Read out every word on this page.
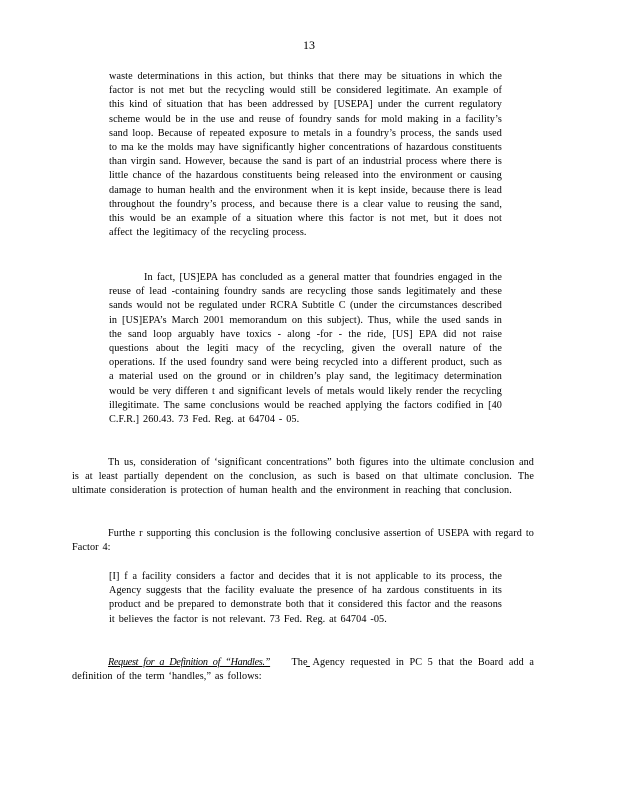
13
waste determinations in this action, but thinks that there may be situations in which the factor is not met but the recycling would still be considered legitimate. An example of this kind of situation that has been addressed by [USEPA] under the current regulatory scheme would be in the use and reuse of foundry sands for mold making in a facility’s sand loop. Because of repeated exposure to metals in a foundry’s process, the sands used to ma ke the molds may have significantly higher concentrations of hazardous constituents than virgin sand. However, because the sand is part of an industrial process where there is little chance of the hazardous constituents being released into the environment or causing damage to human health and the environment when it is kept inside, because there is lead throughout the foundry’s process, and because there is a clear value to reusing the sand, this would be an example of a situation where this factor is not met, but it does not affect the legitimacy of the recycling process.
In fact, [US]EPA has concluded as a general matter that foundries engaged in the reuse of lead -containing foundry sands are recycling those sands legitimately and these sands would not be regulated under RCRA Subtitle C (under the circumstances described in [US]EPA’s March 2001 memorandum on this subject). Thus, while the used sands in the sand loop arguably have toxics - along -for - the ride, [US] EPA did not raise questions about the legiti macy of the recycling, given the overall nature of the operations. If the used foundry sand were being recycled into a different product, such as a material used on the ground or in children’s play sand, the legitimacy determination would be very differen t and significant levels of metals would likely render the recycling illegitimate. The same conclusions would be reached applying the factors codified in [40 C.F.R.] 260.43. 73 Fed. Reg. at 64704 - 05.
Th us, consideration of ‘significant concentrations” both figures into the ultimate conclusion and is at least partially dependent on the conclusion, as such is based on that ultimate conclusion. The ultimate consideration is protection of human health and the environment in reaching that conclusion.
Furthe r supporting this conclusion is the following conclusive assertion of USEPA with regard to Factor 4:
[I] f a facility considers a factor and decides that it is not applicable to its process, the Agency suggests that the facility evaluate the presence of ha zardous constituents in its product and be prepared to demonstrate both that it considered this factor and the reasons it believes the factor is not relevant. 73 Fed. Reg. at 64704 -05.
Request for a Definition of “Handles.” The Agency requested in PC 5 that the Board add a definition of the term ‘handles,” as follows:
